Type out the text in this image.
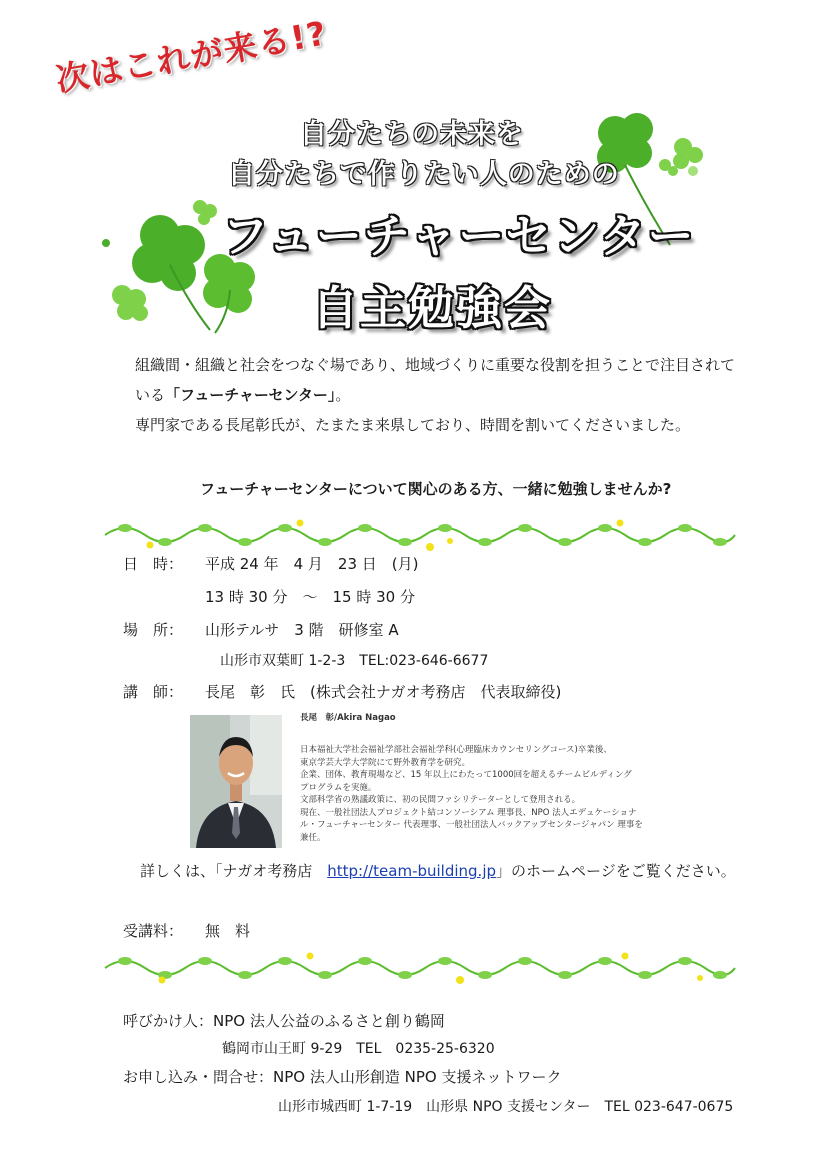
次はこれが来る!?
自分たちの未来を
自分たちで作りたい人のための
フューチャーセンター
自主勉強会
組織間・組織と社会をつなぐ場であり、地域づくりに重要な役割を担うことで注目されて
いる「フューチャーセンター」。
専門家である長尾彰氏が、たまたま来県しており、時間を割いてくださいました。
フューチャーセンターについて関心のある方、一緒に勉強しませんか?
日　時： 平成 24 年　4 月　23 日　(月)
13 時 30 分　～　15 時 30 分
場　所： 山形テルサ　3 階　研修室 A
山形市双葉町 1-2-3　TEL:023-646-6677
講　師： 長尾　彰　氏　(株式会社ナガオ考務店　代表取締役)
長尾　彰/Akira Nagao
日本福祉大学社会福祉学部社会福祉学科(心理臨床カウンセリングコース)卒業後、
東京学芸大学大学院にて野外教育学を研究。
企業、団体、教育現場など、15 年以上にわたって1000回を超えるチームビルディング
プログラムを実施。
文部科学省の熟議政策に、初の民間ファシリテーターとして登用される。
現在、一般社団法人プロジェクト結コンソーシアム 理事長、NPO 法人エデュケーショナ
ル・フューチャーセンター 代表理事、一般社団法人バックアップセンタージャパン 理事を
兼任。
詳しくは、「ナガオ考務店　http://team-building.jp」のホームページをご覧ください。
受講料： 無　料
呼びかけ人：NPO 法人公益のふるさと創り鶴岡
鶴岡市山王町 9-29　TEL　0235-25-6320
お申し込み・問合せ：NPO 法人山形創造 NPO 支援ネットワーク
山形市城西町 1-7-19　山形県 NPO 支援センター　TEL 023-647-0675
